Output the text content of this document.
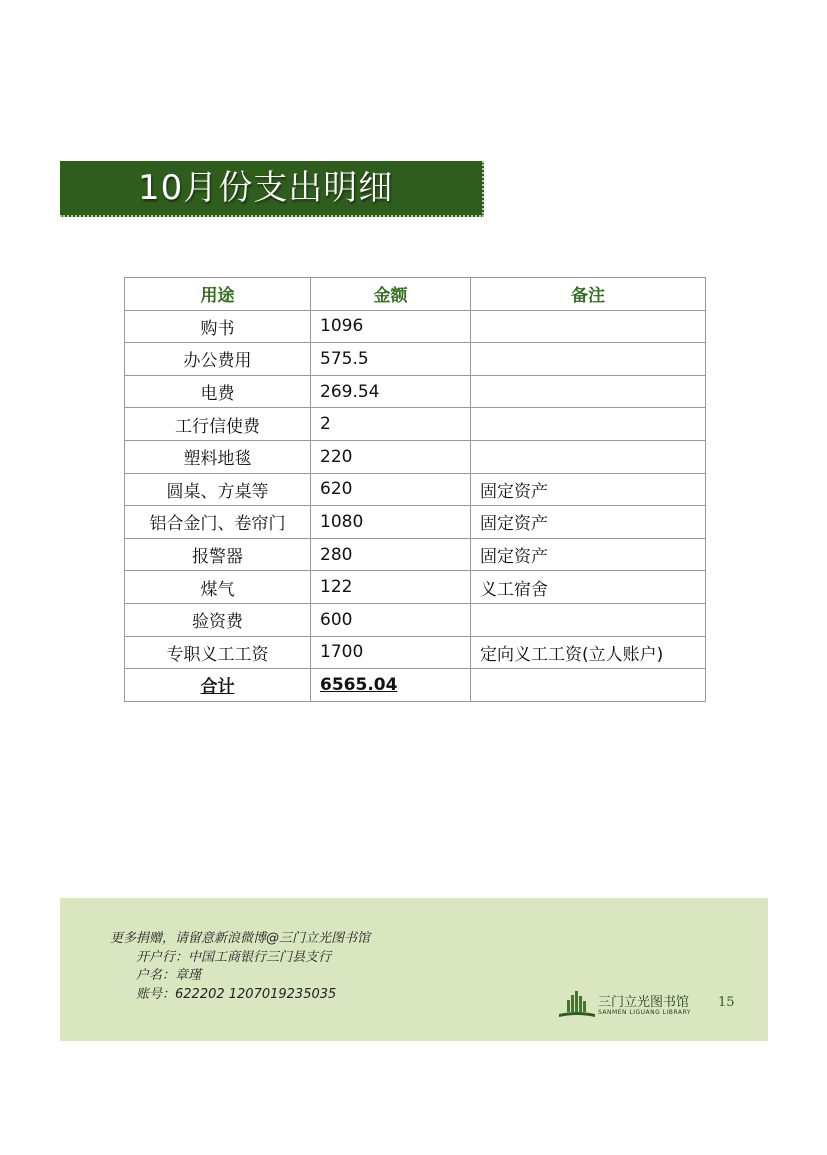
10月份支出明细
用途	金额	备注
购书	1096	
办公费用	575.5	
电费	269.54	
工行信使费	2	
塑料地毯	220	
圆桌、方桌等	620	固定资产
铝合金门、卷帘门	1080	固定资产
报警器	280	固定资产
煤气	122	义工宿舍
验资费	600	
专职义工工资	1700	定向义工工资(立人账户)
合计	6565.04	
更多捐赠，请留意新浪微博@三门立光图书馆
开户行：中国工商银行三门县支行
户名：章瑾
账号：622202 1207019235035
三门立光图书馆
SANMEN LIGUANG LIBRARY
15
